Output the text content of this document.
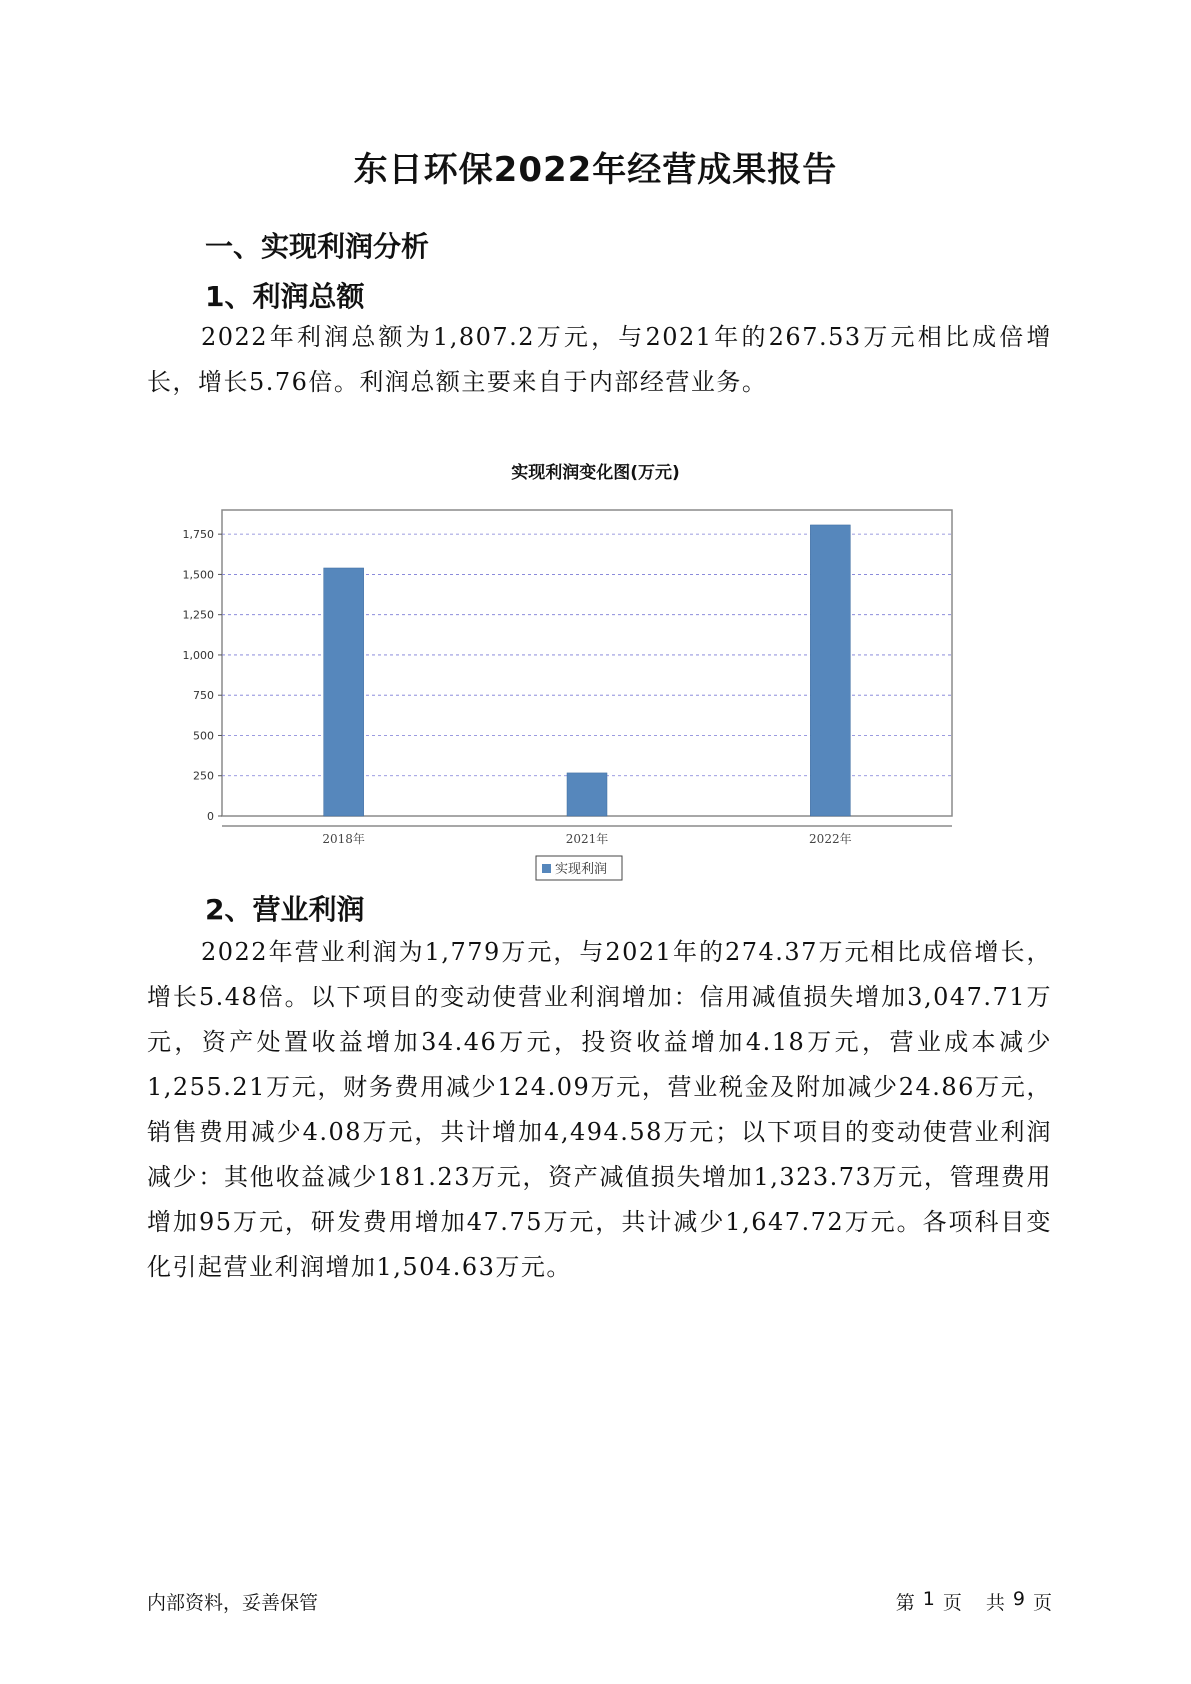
东日环保2022年经营成果报告
一、实现利润分析
1、利润总额

2022年利润总额为1,807.2万元，与2021年的267.53万元相比成倍增长，增长5.76倍。利润总额主要来自于内部经营业务。

实现利润变化图(万元)
0
250
500
750
1,000
1,250
1,500
1,750
2018年	2021年	2022年
实现利润
2、营业利润

2022年营业利润为1,779万元，与2021年的274.37万元相比成倍增长，增长5.48倍。以下项目的变动使营业利润增加：信用减值损失增加3,047.71万元，资产处置收益增加34.46万元，投资收益增加4.18万元，营业成本减少1,255.21万元，财务费用减少124.09万元，营业税金及附加减少24.86万元，销售费用减少4.08万元，共计增加4,494.58万元；以下项目的变动使营业利润减少：其他收益减少181.23万元，资产减值损失增加1,323.73万元，管理费用增加95万元，研发费用增加47.75万元，共计减少1,647.72万元。各项科目变化引起营业利润增加1,504.63万元。

内部资料，妥善保管	第 1 页 共 9 页
